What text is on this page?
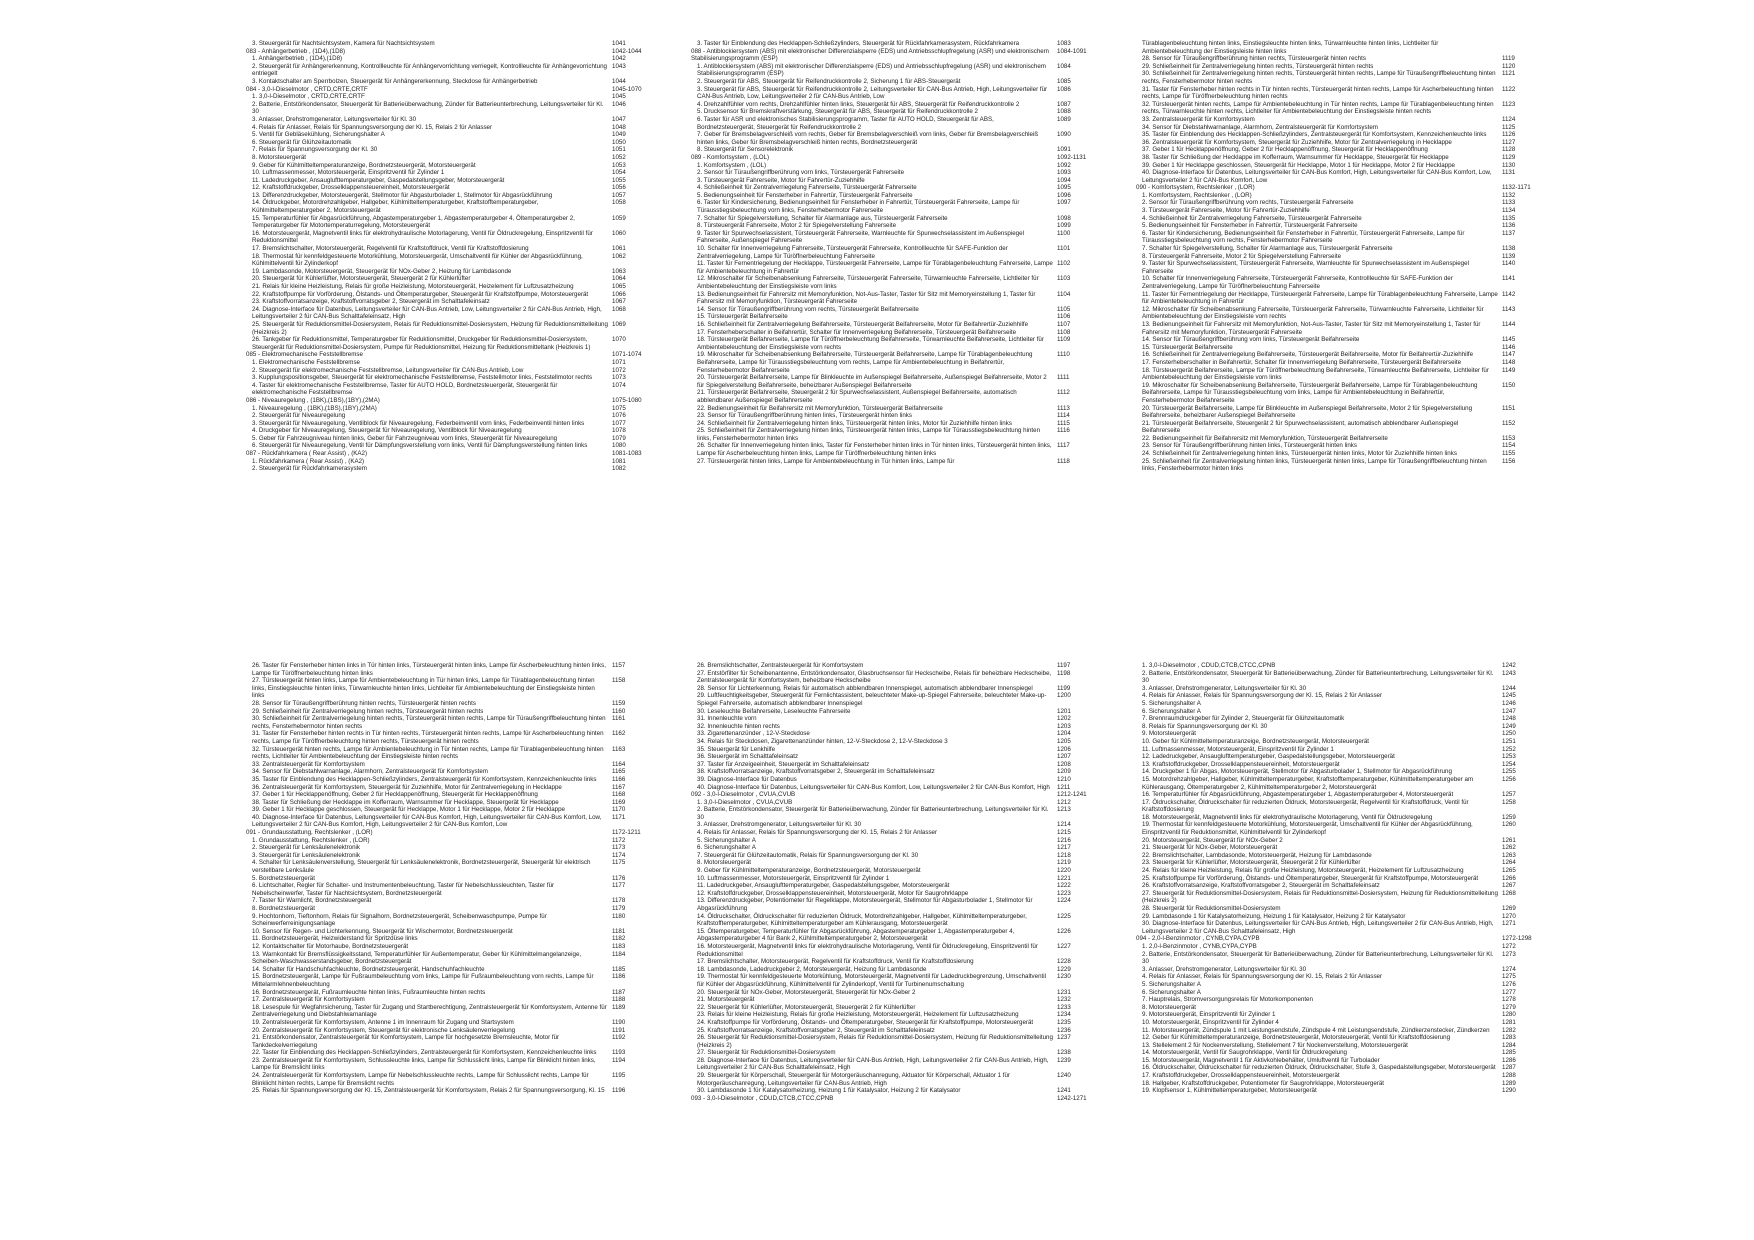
3. Steuergerät für Nachtsichtsystem, Kamera für Nachtsichtsystem	1041
083 - Anhängerbetrieb , (1D4),(1D8)	1042-1044
1. Anhängerbetrieb , (1D4),(1D8)	1042
2. Steuergerät für Anhängererkennung, Kontrollleuchte für Anhängervorrichtung verriegelt, Kontrollleuchte für Anhängevorrichtung entriegelt
1043
3. Kontaktschalter am Sperrbolzen, Steuergerät für Anhängererkennung, Steckdose für Anhängerbetrieb	1044
084 - 3,0-l-Dieselmotor , CRTD,CRTE,CRTF	1045-1070
1. 3,0-l-Dieselmotor , CRTD,CRTE,CRTF	1045
2. Batterie, Entstörkondensator, Steuergerät für Batterieüberwachung, Zünder für Batterieunterbrechung, Leitungsverteiler für Kl. 30
1046
3. Anlasser, Drehstromgenerator, Leitungsverteiler für Kl. 30	1047
4. Relais für Anlasser, Relais für Spannungsversorgung der Kl. 15, Relais 2 für Anlasser	1048
5. Ventil für Gebläsekühlung, Sicherungshalter A	1049
6. Steuergerät für Glühzeitautomatik	1050
7. Relais für Spannungsversorgung der Kl. 30	1051
8. Motorsteuergerät	1052
9. Geber für Kühlmitteltemperaturanzeige, Bordnetzsteuergerät, Motorsteuergerät	1053
10. Luftmassenmesser, Motorsteuergerät, Einspritzventil für Zylinder 1	1054
11. Ladedruckgeber, Ansauglufttemperaturgeber, Gaspedalstellungsgeber, Motorsteuergerät	1055
12. Kraftstoffdruckgeber, Drosselklappensteuereinheit, Motorsteuergerät	1056
13. Differenzdruckgeber, Motorsteuergerät, Stellmotor für Abgasturbolader 1, Stellmotor für Abgasrückführung	1057
14. Öldruckgeber, Motordrehzahlgeber, Hallgeber, Kühlmitteltemperaturgeber, Kraftstofftemperaturgeber, Kühlmitteltemperaturgeber 2, Motorsteuergerät
1058
15. Temperaturfühler für Abgasrückführung, Abgastemperaturgeber 1, Abgastemperaturgeber 4, Öltemperaturgeber 2, Temperaturgeber für Motortemperaturregelung, Motorsteuergerät
1059
16. Motorsteuergerät, Magnetventil links für elektrohydraulische Motorlagerung, Ventil für Öldruckregelung, Einspritzventil für Reduktionsmittel
1060
17. Bremslichtschalter, Motorsteuergerät, Regelventil für Kraftstoffdruck, Ventil für Kraftstoffdosierung	1061
18. Thermostat für kennfeldgesteuerte Motorkühlung, Motorsteuergerät, Umschaltventil für Kühler der Abgasrückführung, Kühlmittelventil für Zylinderkopf
1062
19. Lambdasonde, Motorsteuergerät, Steuergerät für NOx-Geber 2, Heizung für Lambdasonde	1063
20. Steuergerät für Kühlerlüfter, Motorsteuergerät, Steuergerät 2 für Kühlerlüfter	1064
21. Relais für kleine Heizleistung, Relais für große Heizleistung, Motorsteuergerät, Heizelement für Luftzusatzheizung	1065
22. Kraftstoffpumpe für Vorförderung, Ölstands- und Öltemperaturgeber, Steuergerät für Kraftstoffpumpe, Motorsteuergerät	1066
23. Kraftstoffvorratsanzeige, Kraftstoffvorratsgeber 2, Steuergerät im Schalttafeleinsatz	1067
24. Diagnose-Interface für Datenbus, Leitungsverteiler für CAN-Bus Antrieb, Low, Leitungsverteiler 2 für CAN-Bus Antrieb, High, Leitungsverteiler 2 für CAN-Bus Schalttafeleinsatz, High
1068
25. Steuergerät für Reduktionsmittel-Dosiersystem, Relais für Reduktionsmittel-Dosiersystem, Heizung für Reduktionsmittelleitung (Heizkreis 2)
1069
26. Tankgeber für Reduktionsmittel, Temperaturgeber für Reduktionsmittel, Druckgeber für Reduktionsmittel-Dosiersystem, Steuergerät für Reduktionsmittel-Dosiersystem, Pumpe für Reduktionsmittel, Heizung für Reduktionsmitteltank (Heizkreis 1)
1070
085 - Elektromechanische Feststellbremse	1071-1074
1. Elektromechanische Feststellbremse	1071
2. Steuergerät für elektromechanische Feststellbremse, Leitungsverteiler für CAN-Bus Antrieb, Low	1072
3. Kupplungspositionsgeber, Steuergerät für elektromechanische Feststellbremse, Feststellmotor links, Feststellmotor rechts	1073
4. Taster für elektromechanische Feststellbremse, Taster für AUTO HOLD, Bordnetzsteuergerät, Steuergerät für elektromechanische Feststellbremse
1074
086 - Niveauregelung , (1BK),(1BS),(1BY),(2MA)	1075-1080
1. Niveauregelung , (1BK),(1BS),(1BY),(2MA)	1075
2. Steuergerät für Niveauregelung	1076
3. Steuergerät für Niveauregelung, Ventilblock für Niveauregelung, Federbeinventil vorn links, Federbeinventil hinten links	1077
4. Druckgeber für Niveauregelung, Steuergerät für Niveauregelung, Ventilblock für Niveauregelung	1078
5. Geber für Fahrzeugniveau hinten links, Geber für Fahrzeugniveau vorn links, Steuergerät für Niveauregelung	1079
6. Steuergerät für Niveauregelung, Ventil für Dämpfungsverstellung vorn links, Ventil für Dämpfungsverstellung hinten links	1080
087 - Rückfahrkamera ( Rear Assist) , (KA2)	1081-1083
1. Rückfahrkamera ( Rear Assist) , (KA2)	1081
2. Steuergerät für Rückfahrkamerasystem	1082
3. Taster für Einblendung des Hecklappen-Schließzylinders, Steuergerät für Rückfahrkamerasystem, Rückfahrkamera	1083
088 - Antiblockiersystem (ABS) mit elektronischer Differenzialsperre (EDS) und Antriebsschlupfregelung (ASR) und elektronischem Stabilisierungsprogramm (ESP)
1084-1091
1. Antiblockiersystem (ABS) mit elektronischer Differenzialsperre (EDS) und Antriebsschlupfregelung (ASR) und elektronischem Stabilisierungsprogramm (ESP)
1084
2. Steuergerät für ABS, Steuergerät für Reifendruckkontrolle 2, Sicherung 1 für ABS-Steuergerät	1085
3. Steuergerät für ABS, Steuergerät für Reifendruckkontrolle 2, Leitungsverteiler für CAN-Bus Antrieb, High, Leitungsverteiler für CAN-Bus Antrieb, Low, Leitungsverteiler 2 für CAN-Bus Antrieb, Low
1086
4. Drehzahlfühler vorn rechts, Drehzahlfühler hinten links, Steuergerät für ABS, Steuergerät für Reifendruckkontrolle 2	1087
5. Drucksensor für Bremskraftverstärkung, Steuergerät für ABS, Steuergerät für Reifendruckkontrolle 2	1088
6. Taster für ASR und elektronisches Stabilisierungsprogramm, Taster für AUTO HOLD, Steuergerät für ABS, Bordnetzsteuergerät, Steuergerät für Reifendruckkontrolle 2
1089
7. Geber für Bremsbelagverschleiß vorn rechts, Geber für Bremsbelagverschleiß vorn links, Geber für Bremsbelagverschleiß hinten links, Geber für Bremsbelagverschleiß hinten rechts, Bordnetzsteuergerät
1090
8. Steuergerät für Sensorelektronik	1091
089 - Komfortsystem , (LOL)	1092-1131
1. Komfortsystem , (LOL)	1092
2. Sensor für Türaußengriffberührung vorn links, Türsteuergerät Fahrerseite	1093
3. Türsteuergerät Fahrerseite, Motor für Fahrertür-Zuziehhilfe	1094
4. Schließeinheit für Zentralverriegelung Fahrerseite, Türsteuergerät Fahrerseite	1095
5. Bedienungseinheit für Fensterheber in Fahrertür, Türsteuergerät Fahrerseite	1096
6. Taster für Kindersicherung, Bedienungseinheit für Fensterheber in Fahrertür, Türsteuergerät Fahrerseite, Lampe für Türausstiegsbeleuchtung vorn links, Fensterhebermotor Fahrerseite
1097
7. Schalter für Spiegelverstellung, Schalter für Alarmanlage aus, Türsteuergerät Fahrerseite	1098
8. Türsteuergerät Fahrerseite, Motor 2 für Spiegelverstellung Fahrerseite	1099
9. Taster für Spurwechselassistent, Türsteuergerät Fahrerseite, Warnleuchte für Spurwechselassistent im Außenspiegel Fahrerseite, Außenspiegel Fahrerseite
1100
10. Schalter für Innenverriegelung Fahrerseite, Türsteuergerät Fahrerseite, Kontrollleuchte für SAFE-Funktion der Zentralverriegelung, Lampe für Türöffnerbeleuchtung Fahrerseite
1101
11. Taster für Fernentriegelung der Hecklappe, Türsteuergerät Fahrerseite, Lampe für Türablagenbeleuchtung Fahrerseite, Lampe für Ambientebeleuchtung in Fahrertür
1102
12. Mikroschalter für Scheibenabsenkung Fahrerseite, Türsteuergerät Fahrerseite, Türwarnleuchte Fahrerseite, Lichtleiter für Ambientebeleuchtung der Einstiegsleiste vorn links
1103
13. Bedienungseinheit für Fahrersitz mit Memoryfunktion, Not-Aus-Taster, Taster für Sitz mit Memoryeinstellung 1, Taster für Fahrersitz mit Memoryfunktion, Türsteuergerät Fahrerseite
1104
14. Sensor für Türaußengriffberührung vorn rechts, Türsteuergerät Beifahrerseite	1105
15. Türsteuergerät Beifahrerseite	1106
16. Schließeinheit für Zentralverriegelung Beifahrerseite, Türsteuergerät Beifahrerseite, Motor für Beifahrertür-Zuziehhilfe	1107
17. Fensterheberschalter in Beifahrertür, Schalter für Innenverriegelung Beifahrerseite, Türsteuergerät Beifahrerseite	1108
18. Türsteuergerät Beifahrerseite, Lampe für Türöffnerbeleuchtung Beifahrerseite, Türwarnleuchte Beifahrerseite, Lichtleiter für Ambientebeleuchtung der Einstiegsleiste vorn rechts
1109
19. Mikroschalter für Scheibenabsenkung Beifahrerseite, Türsteuergerät Beifahrerseite, Lampe für Türablagenbeleuchtung Beifahrerseite, Lampe für Türausstiegsbeleuchtung vorn rechts, Lampe für Ambientebeleuchtung in Beifahrertür, Fensterhebermotor Beifahrerseite
1110
20. Türsteuergerät Beifahrerseite, Lampe für Blinkleuchte im Außenspiegel Beifahrerseite, Außenspiegel Beifahrerseite, Motor 2 für Spiegelverstellung Beifahrerseite, beheizbarer Außenspiegel Beifahrerseite
1111
21. Türsteuergerät Beifahrerseite, Steuergerät 2 für Spurwechselassistent, Außenspiegel Beifahrerseite, automatisch abblendbarer Außenspiegel Beifahrerseite
1112
22. Bedienungseinheit für Beifahrersitz mit Memoryfunktion, Türsteuergerät Beifahrerseite	1113
23. Sensor für Türaußengriffberührung hinten links, Türsteuergerät hinten links	1114
24. Schließeinheit für Zentralverriegelung hinten links, Türsteuergerät hinten links, Motor für Zuziehhilfe hinten links	1115
25. Schließeinheit für Zentralverriegelung hinten links, Türsteuergerät hinten links, Lampe für Türausstiegsbeleuchtung hinten links, Fensterhebermotor hinten links
1116
26. Schalter für Innenverriegelung hinten links, Taster für Fensterheber hinten links in Tür hinten links, Türsteuergerät hinten links, Lampe für Ascherbeleuchtung hinten links, Lampe für Türöffnerbeleuchtung hinten links
1117
27. Türsteuergerät hinten links, Lampe für Ambientebeleuchtung in Tür hinten links, Lampe für	1118
Türablagenbeleuchtung hinten links, Einstiegsleuchte hinten links, Türwarnleuchte hinten links, Lichtleiter für Ambientebeleuchtung der Einstiegsleiste hinten links
28. Sensor für Türaußengriffberührung hinten rechts, Türsteuergerät hinten rechts	1119
29. Schließeinheit für Zentralverriegelung hinten rechts, Türsteuergerät hinten rechts	1120
30. Schließeinheit für Zentralverriegelung hinten rechts, Türsteuergerät hinten rechts, Lampe für Türaußengriffbeleuchtung hinten rechts, Fensterhebermotor hinten rechts
1121
31. Taster für Fensterheber hinten rechts in Tür hinten rechts, Türsteuergerät hinten rechts, Lampe für Ascherbeleuchtung hinten rechts, Lampe für Türöffnerbeleuchtung hinten rechts
1122
32. Türsteuergerät hinten rechts, Lampe für Ambientebeleuchtung in Tür hinten rechts, Lampe für Türablagenbeleuchtung hinten rechts, Türwarnleuchte hinten rechts, Lichtleiter für Ambientebeleuchtung der Einstiegsleiste hinten rechts
1123
33. Zentralsteuergerät für Komfortsystem	1124
34. Sensor für Diebstahlwarnanlage, Alarmhorn, Zentralsteuergerät für Komfortsystem	1125
35. Taster für Einblendung des Hecklappen-Schließzylinders, Zentralsteuergerät für Komfortsystem, Kennzeichenleuchte links	1126
36. Zentralsteuergerät für Komfortsystem, Steuergerät für Zuziehhilfe, Motor für Zentralverriegelung in Hecklappe	1127
37. Geber 1 für Hecklappenöffnung, Geber 2 für Hecklappenöffnung, Steuergerät für Hecklappenöffnung	1128
38. Taster für Schließung der Hecklappe im Kofferraum, Warnsummer für Hecklappe, Steuergerät für Hecklappe	1129
39. Geber 1 für Hecklappe geschlossen, Steuergerät für Hecklappe, Motor 1 für Hecklappe, Motor 2 für Hecklappe	1130
40. Diagnose-Interface für Datenbus, Leitungsverteiler für CAN-Bus Komfort, High, Leitungsverteiler für CAN-Bus Komfort, Low, Leitungsverteiler 2 für CAN-Bus Komfort, Low
1131
090 - Komfortsystem, Rechtslenker , (LOR)	1132-1171
1. Komfortsystem, Rechtslenker , (LOR)	1132
2. Sensor für Türaußengriffberührung vorn rechts, Türsteuergerät Fahrerseite	1133
3. Türsteuergerät Fahrerseite, Motor für Fahrertür-Zuziehhilfe	1134
4. Schließeinheit für Zentralverriegelung Fahrerseite, Türsteuergerät Fahrerseite	1135
5. Bedienungseinheit für Fensterheber in Fahrertür, Türsteuergerät Fahrerseite	1136
6. Taster für Kindersicherung, Bedienungseinheit für Fensterheber in Fahrertür, Türsteuergerät Fahrerseite, Lampe für Türausstiegsbeleuchtung vorn rechts, Fensterhebermotor Fahrerseite
1137
7. Schalter für Spiegelverstellung, Schalter für Alarmanlage aus, Türsteuergerät Fahrerseite	1138
8. Türsteuergerät Fahrerseite, Motor 2 für Spiegelverstellung Fahrerseite	1139
9. Taster für Spurwechselassistent, Türsteuergerät Fahrerseite, Warnleuchte für Spurwechselassistent im Außenspiegel Fahrerseite
1140
10. Schalter für Innenverriegelung Fahrerseite, Türsteuergerät Fahrerseite, Kontrollleuchte für SAFE-Funktion der Zentralverriegelung, Lampe für Türöffnerbeleuchtung Fahrerseite
1141
11. Taster für Fernentriegelung der Hecklappe, Türsteuergerät Fahrerseite, Lampe für Türablagenbeleuchtung Fahrerseite, Lampe für Ambientebeleuchtung in Fahrertür
1142
12. Mikroschalter für Scheibenabsenkung Fahrerseite, Türsteuergerät Fahrerseite, Türwarnleuchte Fahrerseite, Lichtleiter für Ambientebeleuchtung der Einstiegsleiste vorn rechts
1143
13. Bedienungseinheit für Fahrersitz mit Memoryfunktion, Not-Aus-Taster, Taster für Sitz mit Memoryeinstellung 1, Taster für Fahrersitz mit Memoryfunktion, Türsteuergerät Fahrerseite
1144
14. Sensor für Türaußengriffberührung vorn links, Türsteuergerät Beifahrerseite	1145
15. Türsteuergerät Beifahrerseite	1146
16. Schließeinheit für Zentralverriegelung Beifahrerseite, Türsteuergerät Beifahrerseite, Motor für Beifahrertür-Zuziehhilfe	1147
17. Fensterheberschalter in Beifahrertür, Schalter für Innenverriegelung Beifahrerseite, Türsteuergerät Beifahrerseite	1148
18. Türsteuergerät Beifahrerseite, Lampe für Türöffnerbeleuchtung Beifahrerseite, Türwarnleuchte Beifahrerseite, Lichtleiter für Ambientebeleuchtung der Einstiegsleiste vorn links
1149
19. Mikroschalter für Scheibenabsenkung Beifahrerseite, Türsteuergerät Beifahrerseite, Lampe für Türablagenbeleuchtung Beifahrerseite, Lampe für Türausstiegsbeleuchtung vorn links, Lampe für Ambientebeleuchtung in Beifahrertür, Fensterhebermotor Beifahrerseite
1150
20. Türsteuergerät Beifahrerseite, Lampe für Blinkleuchte im Außenspiegel Beifahrerseite, Motor 2 für Spiegelverstellung Beifahrerseite, beheizbarer Außenspiegel Beifahrerseite
1151
21. Türsteuergerät Beifahrerseite, Steuergerät 2 für Spurwechselassistent, automatisch abblendbarer Außenspiegel Beifahrerseite
1152
22. Bedienungseinheit für Beifahrersitz mit Memoryfunktion, Türsteuergerät Beifahrerseite	1153
23. Sensor für Türaußengriffberührung hinten links, Türsteuergerät hinten links	1154
24. Schließeinheit für Zentralverriegelung hinten links, Türsteuergerät hinten links, Motor für Zuziehhilfe hinten links	1155
25. Schließeinheit für Zentralverriegelung hinten links, Türsteuergerät hinten links, Lampe für Türaußengriffbeleuchtung hinten links, Fensterhebermotor hinten links
1156
26. Taster für Fensterheber hinten links in Tür hinten links, Türsteuergerät hinten links, Lampe für Ascherbeleuchtung hinten links, Lampe für Türöffnerbeleuchtung hinten links
1157
27. Türsteuergerät hinten links, Lampe für Ambientebeleuchtung in Tür hinten links, Lampe für Türablagenbeleuchtung hinten links, Einstiegsleuchte hinten links, Türwarnleuchte hinten links, Lichtleiter für Ambientebeleuchtung der Einstiegsleiste hinten links
1158
28. Sensor für Türaußengriffberührung hinten rechts, Türsteuergerät hinten rechts	1159
29. Schließeinheit für Zentralverriegelung hinten rechts, Türsteuergerät hinten rechts	1160
30. Schließeinheit für Zentralverriegelung hinten rechts, Türsteuergerät hinten rechts, Lampe für Türaußengriffbeleuchtung hinten rechts, Fensterhebermotor hinten rechts
1161
31. Taster für Fensterheber hinten rechts in Tür hinten rechts, Türsteuergerät hinten rechts, Lampe für Ascherbeleuchtung hinten rechts, Lampe für Türöffnerbeleuchtung hinten rechts, Türsteuergerät hinten rechts
1162
32. Türsteuergerät hinten rechts, Lampe für Ambientebeleuchtung in Tür hinten rechts, Lampe für Türablagenbeleuchtung hinten rechts, Lichtleiter für Ambientebeleuchtung der Einstiegsleiste hinten rechts
1163
33. Zentralsteuergerät für Komfortsystem	1164
34. Sensor für Diebstahlwarnanlage, Alarmhorn, Zentralsteuergerät für Komfortsystem	1165
35. Taster für Einblendung des Hecklappen-Schließzylinders, Zentralsteuergerät für Komfortsystem, Kennzeichenleuchte links	1166
36. Zentralsteuergerät für Komfortsystem, Steuergerät für Zuziehhilfe, Motor für Zentralverriegelung in Hecklappe	1167
37. Geber 1 für Hecklappenöffnung, Geber 2 für Hecklappenöffnung, Steuergerät für Hecklappenöffnung	1168
38. Taster für Schließung der Hecklappe im Kofferraum, Warnsummer für Hecklappe, Steuergerät für Hecklappe	1169
39. Geber 1 für Hecklappe geschlossen, Steuergerät für Hecklappe, Motor 1 für Hecklappe, Motor 2 für Hecklappe	1170
40. Diagnose-Interface für Datenbus, Leitungsverteiler für CAN-Bus Komfort, High, Leitungsverteiler für CAN-Bus Komfort, Low, Leitungsverteiler 2 für CAN-Bus Komfort, High, Leitungsverteiler 2 für CAN-Bus Komfort, Low
1171
091 - Grundausstattung, Rechtslenker , (LOR)	1172-1211
1. Grundausstattung, Rechtslenker , (LOR)	1172
2. Steuergerät für Lenksäulenelektronik	1173
3. Steuergerät für Lenksäulenelektronik	1174
4. Schalter für Lenksäulenverstellung, Steuergerät für Lenksäulenelektronik, Bordnetzsteuergerät, Steuergerät für elektrisch verstellbare Lenksäule
1175
5. Bordnetzsteuergerät	1176
6. Lichtschalter, Regler für Schalter- und Instrumentenbeleuchtung, Taster für Nebelschlussleuchten, Taster für Nebelscheinwerfer, Taster für Nachtsichtsystem, Bordnetzsteuergerät
1177
7. Taster für Warnlicht, Bordnetzsteuergerät	1178
8. Bordnetzsteuergerät	1179
9. Hochtonhorn, Tieftonhorn, Relais für Signalhorn, Bordnetzsteuergerät, Scheibenwaschpumpe, Pumpe für Scheinwerferreinigungsanlage
1180
10. Sensor für Regen- und Lichterkennung, Steuergerät für Wischermotor, Bordnetzsteuergerät	1181
11. Bordnetzsteuergerät, Heizwiderstand für Spritzdüse links	1182
12. Kontaktschalter für Motorhaube, Bordnetzsteuergerät	1183
13. Warnkontakt für Bremsflüssigkeitsstand, Temperaturfühler für Außentemperatur, Geber für Kühlmittelmangelanzeige, Scheiben-Waschwasserstandsgeber, Bordnetzsteuergerät
1184
14. Schalter für Handschuhfachleuchte, Bordnetzsteuergerät, Handschuhfachleuchte	1185
15. Bordnetzsteuergerät, Lampe für Fußraumbeleuchtung vorn links, Lampe für Fußraumbeleuchtung vorn rechts, Lampe für Mittelarmlehnenbeleuchtung
1186
16. Bordnetzsteuergerät, Fußraumleuchte hinten links, Fußraumleuchte hinten rechts	1187
17. Zentralsteuergerät für Komfortsystem	1188
18. Lesespule für Wegfahrsicherung, Taster für Zugang und Startberechtigung, Zentralsteuergerät für Komfortsystem, Antenne für Zentralverriegelung und Diebstahlwarnanlage
1189
19. Zentralsteuergerät für Komfortsystem, Antenne 1 im Innenraum für Zugang und Startsystem	1190
20. Zentralsteuergerät für Komfortsystem, Steuergerät für elektronische Lenksäulenverriegelung	1191
21. Entstörkondensator, Zentralsteuergerät für Komfortsystem, Lampe für hochgesetzte Bremsleuchte, Motor für Tankdeckelverriegelung
1192
22. Taster für Einblendung des Hecklappen-Schließzylinders, Zentralsteuergerät für Komfortsystem, Kennzeichenleuchte links	1193
23. Zentralsteuergerät für Komfortsystem, Schlussleuchte links, Lampe für Schlusslicht links, Lampe für Blinklicht hinten links, Lampe für Bremslicht links
1194
24. Zentralsteuergerät für Komfortsystem, Lampe für Nebelschlussleuchte rechts, Lampe für Schlusslicht rechts, Lampe für Blinklicht hinten rechts, Lampe für Bremslicht rechts
1195
25. Relais für Spannungsversorgung der Kl. 15, Zentralsteuergerät für Komfortsystem, Relais 2 für Spannungsversorgung, Kl. 15	1196
26. Bremslichtschalter, Zentralsteuergerät für Komfortsystem	1197
27. Entstörfilter für Scheibenantenne, Entstörkondensator, Glasbruchsensor für Heckscheibe, Relais für beheizbare Heckscheibe, Zentralsteuergerät für Komfortsystem, beheizbare Heckscheibe
1198
28. Sensor für Lichterkennung, Relais für automatisch abblendbaren Innenspiegel, automatisch abblendbarer Innenspiegel	1199
29. Luftfeuchtigkeitsgeber, Steuergerät für Fernlichtassistent, beleuchteter Make-up-Spiegel Fahrerseite, beleuchteter Make-up-Spiegel Fahrerseite, automatisch abblendbarer Innenspiegel
1200
30. Leseleuchte Beifahrerseite, Leseleuchte Fahrerseite	1201
31. Innenleuchte vorn	1202
32. Innenleuchte hinten rechts	1203
33. Zigarettenanzünder , 12-V-Steckdose	1204
34. Relais für Steckdosen, Zigarettenanzünder hinten, 12-V-Steckdose 2, 12-V-Steckdose 3	1205
35. Steuergerät für Lenkhilfe	1206
36. Steuergerät im Schalttafeleinsatz	1207
37. Taster für Anzeigeeinheit, Steuergerät im Schalttafeleinsatz	1208
38. Kraftstoffvorratsanzeige, Kraftstoffvorratsgeber 2, Steuergerät im Schalttafeleinsatz	1209
39. Diagnose-Interface für Datenbus	1210
40. Diagnose-Interface für Datenbus, Leitungsverteiler für CAN-Bus Komfort, Low, Leitungsverteiler 2 für CAN-Bus Komfort, High	1211
092 - 3,0-l-Dieselmotor , CVUA,CVUB	1212-1241
1. 3,0-l-Dieselmotor , CVUA,CVUB	1212
2. Batterie, Entstörkondensator, Steuergerät für Batterieüberwachung, Zünder für Batterieunterbrechung, Leitungsverteiler für Kl. 30
1213
3. Anlasser, Drehstromgenerator, Leitungsverteiler für Kl. 30	1214
4. Relais für Anlasser, Relais für Spannungsversorgung der Kl. 15, Relais 2 für Anlasser	1215
5. Sicherungshalter A	1216
6. Sicherungshalter A	1217
7. Steuergerät für Glühzeitautomatik, Relais für Spannungsversorgung der Kl. 30	1218
8. Motorsteuergerät	1219
9. Geber für Kühlmitteltemperaturanzeige, Bordnetzsteuergerät, Motorsteuergerät	1220
10. Luftmassenmesser, Motorsteuergerät, Einspritzventil für Zylinder 1	1221
11. Ladedruckgeber, Ansauglufttemperaturgeber, Gaspedalstellungsgeber, Motorsteuergerät	1222
12. Kraftstoffdruckgeber, Drosselklappensteuereinheit, Motorsteuergerät, Motor für Saugrohrklappe	1223
13. Differenzdruckgeber, Potentiometer für Regelklappe, Motorsteuergerät, Stellmotor für Abgasturbolader 1, Stellmotor für Abgasrückführung
1224
14. Öldruckschalter, Öldruckschalter für reduzierten Öldruck, Motordrehzahlgeber, Hallgeber, Kühlmitteltemperaturgeber, Kraftstofftemperaturgeber, Kühlmitteltemperaturgeber am Kühlerausgang, Motorsteuergerät
1225
15. Öltemperaturgeber, Temperaturfühler für Abgasrückführung, Abgastemperaturgeber 1, Abgastemperaturgeber 4, Abgastemperaturgeber 4 für Bank 2, Kühlmitteltemperaturgeber 2, Motorsteuergerät
1226
16. Motorsteuergerät, Magnetventil links für elektrohydraulische Motorlagerung, Ventil für Öldruckregelung, Einspritzventil für Reduktionsmittel
1227
17. Bremslichtschalter, Motorsteuergerät, Regelventil für Kraftstoffdruck, Ventil für Kraftstoffdosierung	1228
18. Lambdasonde, Ladedruckgeber 2, Motorsteuergerät, Heizung für Lambdasonde	1229
19. Thermostat für kennfeldgesteuerte Motorkühlung, Motorsteuergerät, Magnetventil für Ladedruckbegrenzung, Umschaltventil für Kühler der Abgasrückführung, Kühlmittelventil für Zylinderkopf, Ventil für Turbinenumschaltung
1230
20. Steuergerät für NOx-Geber, Motorsteuergerät, Steuergerät für NOx-Geber 2	1231
21. Motorsteuergerät	1232
22. Steuergerät für Kühlerlüfter, Motorsteuergerät, Steuergerät 2 für Kühlerlüfter	1233
23. Relais für kleine Heizleistung, Relais für große Heizleistung, Motorsteuergerät, Heizelement für Luftzusatzheizung	1234
24. Kraftstoffpumpe für Vorförderung, Ölstands- und Öltemperaturgeber, Steuergerät für Kraftstoffpumpe, Motorsteuergerät	1235
25. Kraftstoffvorratsanzeige, Kraftstoffvorratsgeber 2, Steuergerät im Schalttafeleinsatz	1236
26. Steuergerät für Reduktionsmittel-Dosiersystem, Relais für Reduktionsmittel-Dosiersystem, Heizung für Reduktionsmittelleitung (Heizkreis 2)
1237
27. Steuergerät für Reduktionsmittel-Dosiersystem	1238
28. Diagnose-Interface für Datenbus, Leitungsverteiler für CAN-Bus Antrieb, High, Leitungsverteiler 2 für CAN-Bus Antrieb, High, Leitungsverteiler 2 für CAN-Bus Schalttafeleinsatz, High
1239
29. Steuergerät für Körperschall, Steuergerät für Motorgeräuschanregung, Aktuator für Körperschall, Aktuator 1 für Motorgeräuschanregung, Leitungsverteiler für CAN-Bus Antrieb, High
1240
30. Lambdasonde 1 für Katalysatorheizung, Heizung 1 für Katalysator, Heizung 2 für Katalysator	1241
093 - 3,0-l-Dieselmotor , CDUD,CTCB,CTCC,CPNB	1242-1271
1. 3,0-l-Dieselmotor , CDUD,CTCB,CTCC,CPNB	1242
2. Batterie, Entstörkondensator, Steuergerät für Batterieüberwachung, Zünder für Batterieunterbrechung, Leitungsverteiler für Kl. 30
1243
3. Anlasser, Drehstromgenerator, Leitungsverteiler für Kl. 30	1244
4. Relais für Anlasser, Relais für Spannungsversorgung der Kl. 15, Relais 2 für Anlasser	1245
5. Sicherungshalter A	1246
6. Sicherungshalter A	1247
7. Brennraumdruckgeber für Zylinder 2, Steuergerät für Glühzeitautomatik	1248
8. Relais für Spannungsversorgung der Kl. 30	1249
9. Motorsteuergerät	1250
10. Geber für Kühlmitteltemperaturanzeige, Bordnetzsteuergerät, Motorsteuergerät	1251
11. Luftmassenmesser, Motorsteuergerät, Einspritzventil für Zylinder 1	1252
12. Ladedruckgeber, Ansauglufttemperaturgeber, Gaspedalstellungsgeber, Motorsteuergerät	1253
13. Kraftstoffdruckgeber, Drosselklappensteuereinheit, Motorsteuergerät	1254
14. Druckgeber 1 für Abgas, Motorsteuergerät, Stellmotor für Abgasturbolader 1, Stellmotor für Abgasrückführung	1255
15. Motordrehzahlgeber, Hallgeber, Kühlmitteltemperaturgeber, Kraftstofftemperaturgeber, Kühlmitteltemperaturgeber am Kühlerausgang, Öltemperaturgeber 2, Kühlmitteltemperaturgeber 2, Motorsteuergerät
1256
16. Temperaturfühler für Abgasrückführung, Abgastemperaturgeber 1, Abgastemperaturgeber 4, Motorsteuergerät	1257
17. Öldruckschalter, Öldruckschalter für reduzierten Öldruck, Motorsteuergerät, Regelventil für Kraftstoffdruck, Ventil für Kraftstoffdosierung
1258
18. Motorsteuergerät, Magnetventil links für elektrohydraulische Motorlagerung, Ventil für Öldruckregelung	1259
19. Thermostat für kennfeldgesteuerte Motorkühlung, Motorsteuergerät, Umschaltventil für Kühler der Abgasrückführung, Einspritzventil für Reduktionsmittel, Kühlmittelventil für Zylinderkopf
1260
20. Motorsteuergerät, Steuergerät für NOx-Geber 2	1261
21. Steuergerät für NOx-Geber, Motorsteuergerät	1262
22. Bremslichtschalter, Lambdasonde, Motorsteuergerät, Heizung für Lambdasonde	1263
23. Steuergerät für Kühlerlüfter, Motorsteuergerät, Steuergerät 2 für Kühlerlüfter	1264
24. Relais für kleine Heizleistung, Relais für große Heizleistung, Motorsteuergerät, Heizelement für Luftzusatzheizung	1265
25. Kraftstoffpumpe für Vorförderung, Ölstands- und Öltemperaturgeber, Steuergerät für Kraftstoffpumpe, Motorsteuergerät	1266
26. Kraftstoffvorratsanzeige, Kraftstoffvorratsgeber 2, Steuergerät im Schalttafeleinsatz	1267
27. Steuergerät für Reduktionsmittel-Dosiersystem, Relais für Reduktionsmittel-Dosiersystem, Heizung für Reduktionsmittelleitung (Heizkreis 2)
1268
28. Steuergerät für Reduktionsmittel-Dosiersystem	1269
29. Lambdasonde 1 für Katalysatorheizung, Heizung 1 für Katalysator, Heizung 2 für Katalysator	1270
30. Diagnose-Interface für Datenbus, Leitungsverteiler für CAN-Bus Antrieb, High, Leitungsverteiler 2 für CAN-Bus Antrieb, High, Leitungsverteiler 2 für CAN-Bus Schalttafeleinsatz, High
1271
094 - 2,0-l-Benzinmotor , CYNB,CYPA,CYPB	1272-1298
1. 2,0-l-Benzinmotor , CYNB,CYPA,CYPB	1272
2. Batterie, Entstörkondensator, Steuergerät für Batterieüberwachung, Zünder für Batterieunterbrechung, Leitungsverteiler für Kl. 30
1273
3. Anlasser, Drehstromgenerator, Leitungsverteiler für Kl. 30	1274
4. Relais für Anlasser, Relais für Spannungsversorgung der Kl. 15, Relais 2 für Anlasser	1275
5. Sicherungshalter A	1276
6. Sicherungshalter A	1277
7. Hauptrelais, Stromversorgungsrelais für Motorkomponenten	1278
8. Motorsteuergerät	1279
9. Motorsteuergerät, Einspritzventil für Zylinder 1	1280
10. Motorsteuergerät, Einspritzventil für Zylinder 4	1281
11. Motorsteuergerät, Zündspule 1 mit Leistungsendstufe, Zündspule 4 mit Leistungsendstufe, Zündkerzenstecker, Zündkerzen	1282
12. Geber für Kühlmitteltemperaturanzeige, Bordnetzsteuergerät, Motorsteuergerät, Ventil für Kraftstoffdosierung	1283
13. Stellelement 2 für Nockenverstellung, Stellelement 7 für Nockenverstellung, Motorsteuergerät	1284
14. Motorsteuergerät, Ventil für Saugrohrklappe, Ventil für Öldruckregelung	1285
15. Motorsteuergerät, Magnetventil 1 für Aktivkohlebehälter, Umluftventil für Turbolader	1286
16. Öldruckschalter, Öldruckschalter für reduzierten Öldruck, Öldruckschalter, Stufe 3, Gaspedalstellungsgeber, Motorsteuergerät	1287
17. Kraftstoffdruckgeber, Drosselklappensteuereinheit, Motorsteuergerät	1288
18. Hallgeber, Kraftstoffdruckgeber, Potentiometer für Saugrohrklappe, Motorsteuergerät	1289
19. Klopfsensor 1, Kühlmitteltemperaturgeber, Motorsteuergerät	1290
